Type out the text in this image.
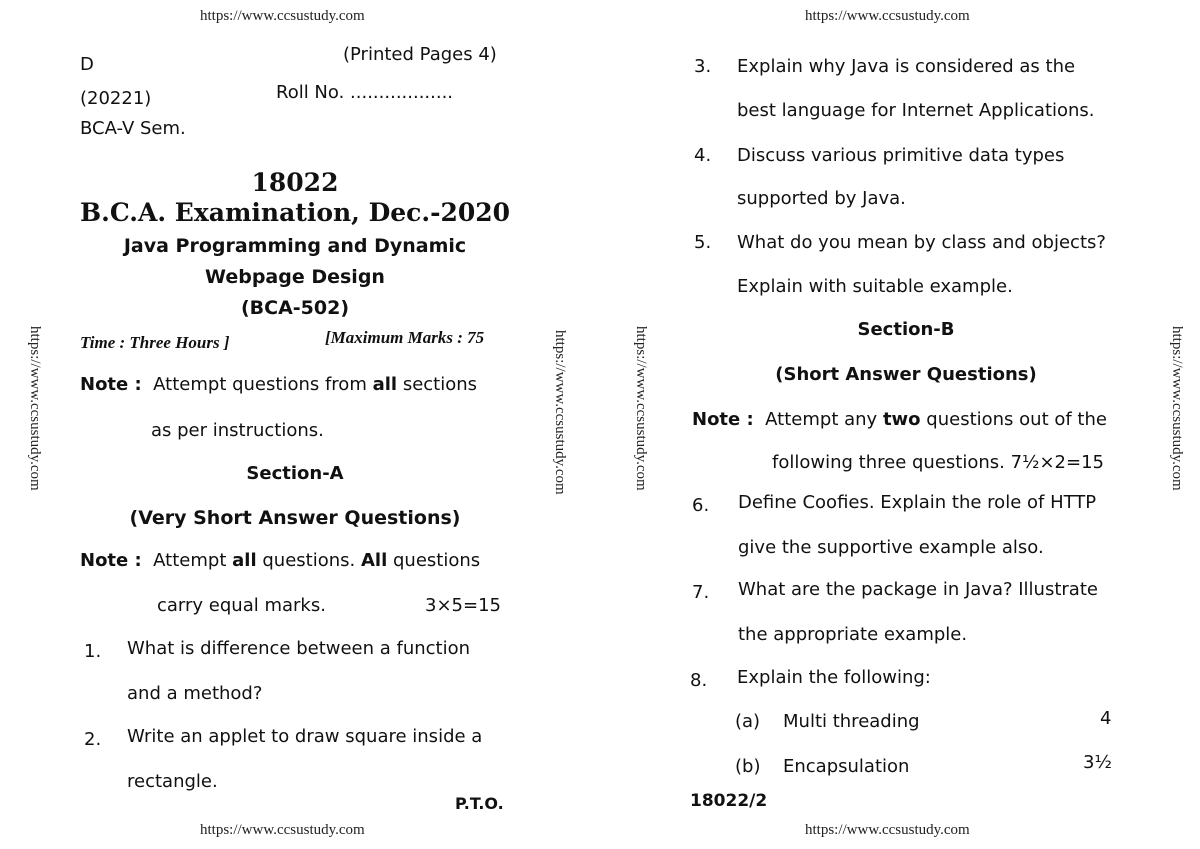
https://www.ccsustudy.com
D	(Printed Pages 4)
(20221)	Roll No. ..................
BCA-V Sem.
18022
B.C.A. Examination, Dec.-2020
Java Programming and Dynamic
Webpage Design
(BCA-502)
Time : Three Hours ]	[Maximum Marks : 75
Note : Attempt questions from all sections
as per instructions.
Section-A
(Very Short Answer Questions)
Note : Attempt all questions. All questions
carry equal marks.	3×5=15
1. What is difference between a function
and a method?
2. Write an applet to draw square inside a
rectangle.
P.T.O.
https://www.ccsustudy.com
https://www.ccsustudy.com	https://www.ccsustudy.com
https://www.ccsustudy.com
3. Explain why Java is considered as the
best language for Internet Applications.
4. Discuss various primitive data types
supported by Java.
5. What do you mean by class and objects?
Explain with suitable example.
Section-B
(Short Answer Questions)
Note : Attempt any two questions out of the
following three questions. 7½×2=15
6. Define Coofies. Explain the role of HTTP
give the supportive example also.
7. What are the package in Java? Illustrate
the appropriate example.
8. Explain the following:
(a) Multi threading	4
(b) Encapsulation	3½
18022/2
https://www.ccsustudy.com
https://www.ccsustudy.com	https://www.ccsustudy.com
